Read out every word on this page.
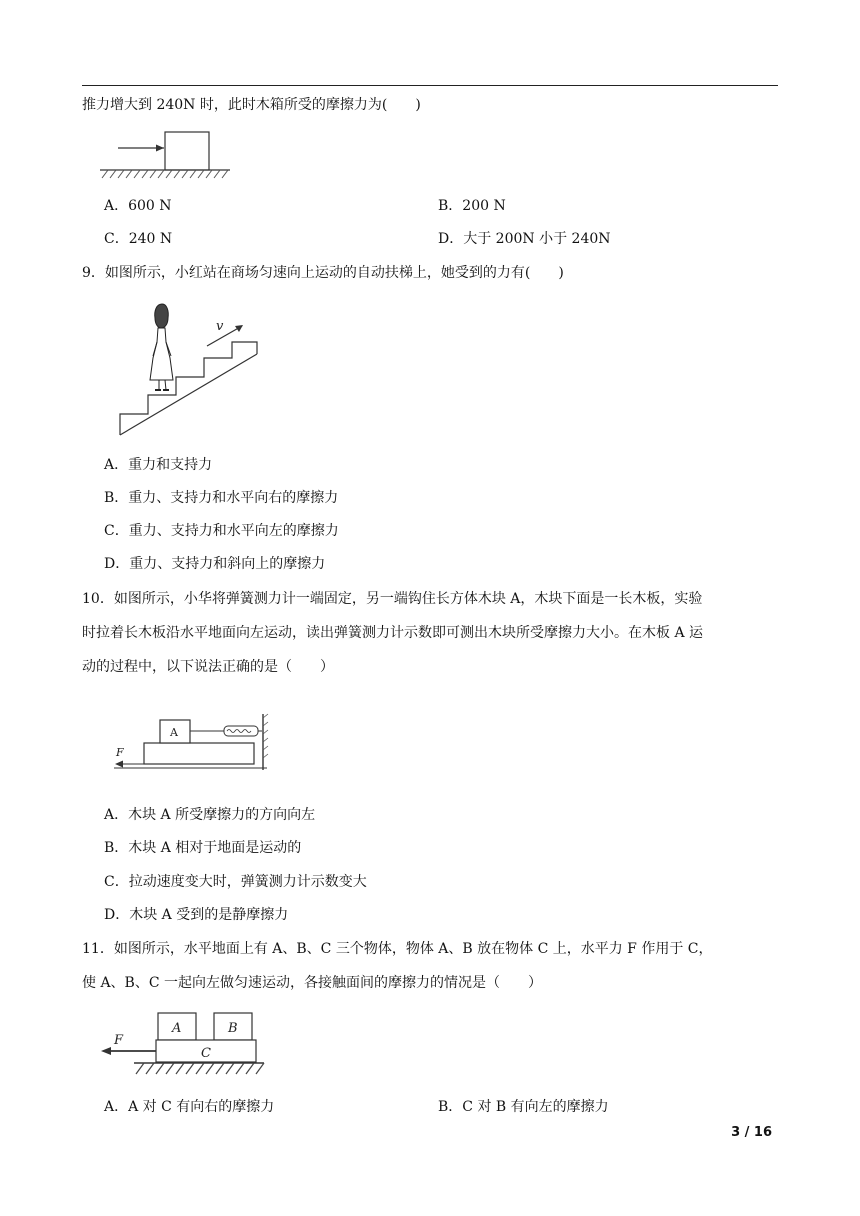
推力增大到 240N 时，此时木箱所受的摩擦力为(　　)
A．600 N	B．200 N
C．240 N	D．大于 200N 小于 240N
9．如图所示，小红站在商场匀速向上运动的自动扶梯上，她受到的力有(　　)
v
A．重力和支持力
B．重力、支持力和水平向右的摩擦力
C．重力、支持力和水平向左的摩擦力
D．重力、支持力和斜向上的摩擦力
10．如图所示，小华将弹簧测力计一端固定，另一端钩住长方体木块 A，木块下面是一长木板，实验
时拉着长木板沿水平地面向左运动，读出弹簧测力计示数即可测出木块所受摩擦力大小。在木板 A 运
动的过程中，以下说法正确的是（　　）
A
F
A．木块 A 所受摩擦力的方向向左
B．木块 A 相对于地面是运动的
C．拉动速度变大时，弹簧测力计示数变大
D．木块 A 受到的是静摩擦力
11．如图所示，水平地面上有 A、B、C 三个物体，物体 A、B 放在物体 C 上，水平力 F 作用于 C，
使 A、B、C 一起向左做匀速运动，各接触面间的摩擦力的情况是（　　）
A	B
C
F
A．A 对 C 有向右的摩擦力	B．C 对 B 有向左的摩擦力
3 / 16
